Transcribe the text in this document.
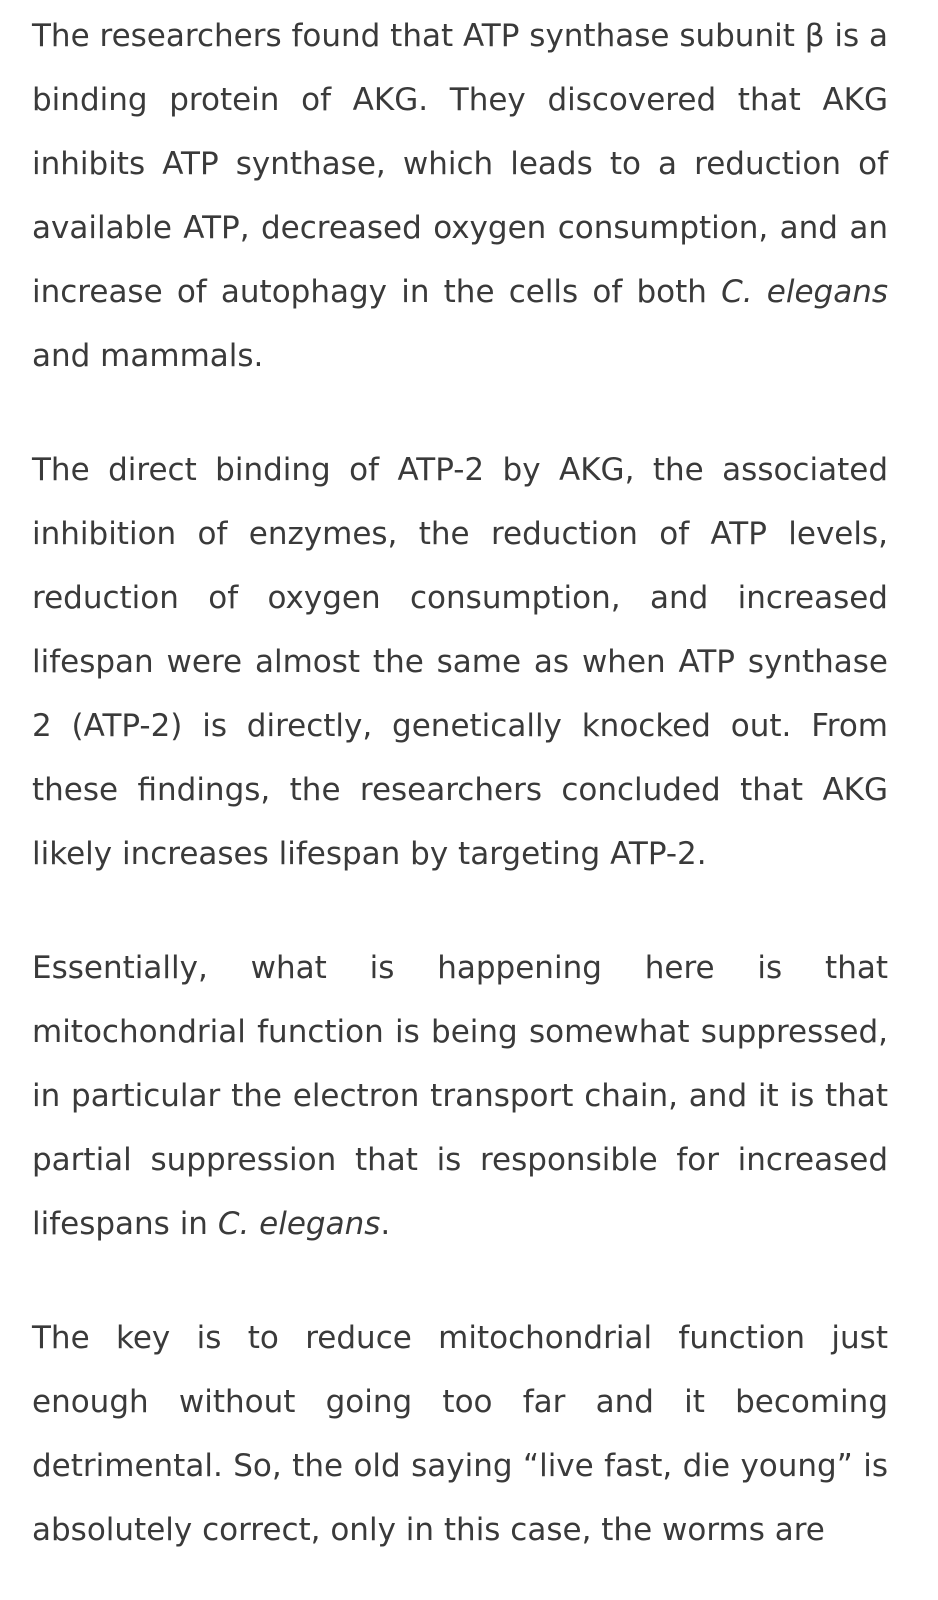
The researchers found that ATP synthase subunit β is a binding protein of AKG. They discovered that AKG inhibits ATP synthase, which leads to a reduction of available ATP, decreased oxygen consumption, and an increase of autophagy in the cells of both C. elegans and mammals.

The direct binding of ATP-2 by AKG, the associated inhibition of enzymes, the reduction of ATP levels, reduction of oxygen consumption, and increased lifespan were almost the same as when ATP synthase 2 (ATP-2) is directly, genetically knocked out. From these findings, the researchers concluded that AKG likely increases lifespan by targeting ATP-2.

Essentially, what is happening here is that mitochondrial function is being somewhat suppressed, in particular the electron transport chain, and it is that partial suppression that is responsible for increased lifespans in C. elegans.

The key is to reduce mitochondrial function just enough without going too far and it becoming detrimental. So, the old saying “live fast, die young” is absolutely correct, only in this case, the worms are
